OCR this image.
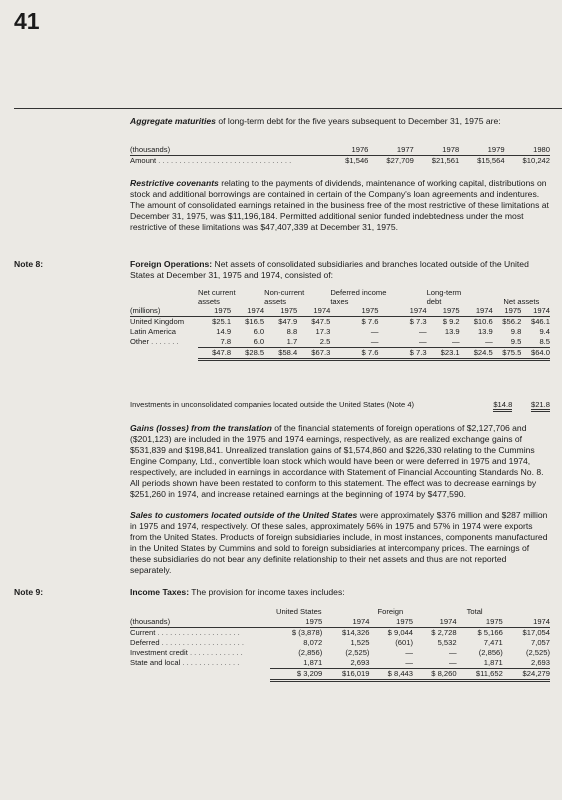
41
Aggregate maturities of long-term debt for the five years subsequent to December 31, 1975 are:
(thousands)	1976	1977	1978	1979	1980
Amount . . . . . . . . . . . . . . . . . . . . . . . . . . . . . . . .	$1,546	$27,709	$21,561	$15,564	$10,242
Restrictive covenants relating to the payments of dividends, maintenance of working capital, distributions on stock and additional borrowings are contained in certain of the Company's loan agreements and indentures. The amount of consolidated earnings retained in the business free of the most restrictive of these limitations at December 31, 1975, was $11,196,184. Permitted additional senior funded indebtedness under the most restrictive of these limitations was $47,407,339 at December 31, 1975.
Note 8:	Foreign Operations: Net assets of consolidated subsidiaries and branches located outside of the United States at December 31, 1975 and 1974, consisted of:

	Net current assets		Non-current assets		Deferred income taxes		Long-term debt		Net assets	

(millions)	1975	1974	1975	1974	1975	1974	1975	1974	1975	1974
United Kingdom	$25.1	$16.5	$47.9	$47.5	$ 7.6	$ 7.3	$ 9.2	$10.6	$56.2	$46.1
Latin America	14.9	6.0	8.8	17.3	—	—	13.9	13.9	9.8	9.4
Other . . . . . . .	7.8	6.0	1.7	2.5	—	—	—	—	9.5	8.5
	$47.8	$28.5	$58.4	$67.3	$ 7.6	$ 7.3	$23.1	$24.5	$75.5	$64.0
Investments in unconsolidated companies located outside the United States (Note 4)	$14.8	$21.8
Gains (losses) from the translation of the financial statements of foreign operations of $2,127,706 and ($201,123) are included in the 1975 and 1974 earnings, respectively, as are realized exchange gains of $531,839 and $198,841. Unrealized translation gains of $1,574,860 and $226,330 relating to the Cummins Engine Company, Ltd., convertible loan stock which would have been or were deferred in 1975 and 1974, respectively, are included in earnings in accordance with Statement of Financial Accounting Standards No. 8. All periods shown have been restated to conform to this statement. The effect was to decrease earnings by $251,260 in 1974, and increase retained earnings at the beginning of 1974 by $477,590.
Sales to customers located outside of the United States were approximately $376 million and $287 million in 1975 and 1974, respectively. Of these sales, approximately 56% in 1975 and 57% in 1974 were exports from the United States. Products of foreign subsidiaries include, in most instances, components manufactured in the United States by Cummins and sold to foreign subsidiaries at intercompany prices. The earnings of these subsidiaries do not bear any definite relationship to their net assets and thus are not reported separately.
Note 9:	Income Taxes: The provision for income taxes includes:
	United States		Foreign		Total	
(thousands)	1975	1974	1975	1974	1975	1974
Current . . . . . . . . . . . . . . . . . . . .	$ (3,878)	$14,326	$ 9,044	$ 2,728	$ 5,166	$17,054
Deferred . . . . . . . . . . . . . . . . . . . .	8,072	1,525	(601)	5,532	7,471	7,057
Investment credit . . . . . . . . . . . . .	(2,856)	(2,525)	—	—	(2,856)	(2,525)
State and local . . . . . . . . . . . . . .	1,871	2,693	—	—	1,871	2,693
	$ 3,209	$16,019	$ 8,443	$ 8,260	$11,652	$24,279
